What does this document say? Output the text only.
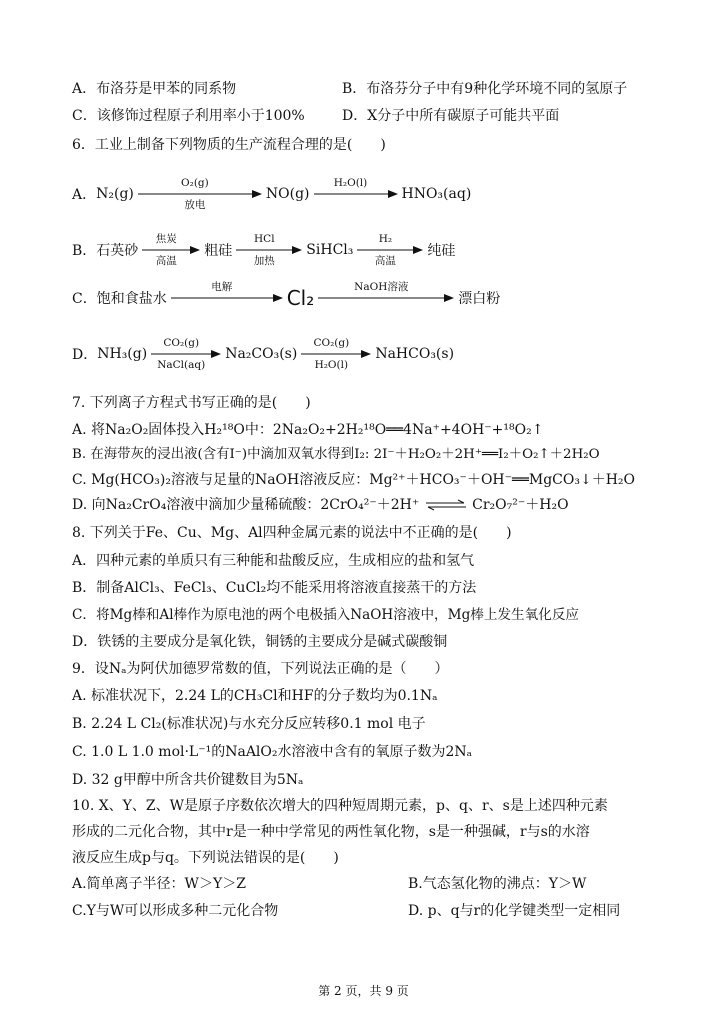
A．布洛芬是甲苯的同系物	B．布洛芬分子中有9种化学环境不同的氢原子
C．该修饰过程原子利用率小于100%	D．X分子中所有碳原子可能共平面
6．工业上制备下列物质的生产流程合理的是(　　)
A． N₂(g)
O₂(g)
放电
NO(g)
H₂O(l)
HNO₃(aq)
B． 石英砂
焦炭
高温
粗硅
HCl
加热
SiHCl₃
H₂
高温
纯硅
C． 饱和食盐水
电解	Cl₂	NaOH溶液
漂白粉
D． NH₃(g)
CO₂(g)
NaCl(aq)
Na₂CO₃(s)
CO₂(g)
H₂O(l)
NaHCO₃(s)
7. 下列离子方程式书写正确的是(　　)
A. 将Na₂O₂固体投入H₂¹⁸O中：2Na₂O₂+2H₂¹⁸O══4Na⁺+4OH⁻+¹⁸O₂↑
B. 在海带灰的浸出液(含有I⁻)中滴加双氧水得到I₂: 2I⁻＋H₂O₂＋2H⁺══I₂＋O₂↑＋2H₂O
C. Mg(HCO₃)₂溶液与足量的NaOH溶液反应：Mg²⁺＋HCO₃⁻＋OH⁻══MgCO₃↓＋H₂O
D. 向Na₂CrO₄溶液中滴加少量稀硫酸：2CrO₄²⁻＋2H⁺ ⇌ Cr₂O₇²⁻＋H₂O
8. 下列关于Fe、Cu、Mg、Al四种金属元素的说法中不正确的是(　　)
A．四种元素的单质只有三种能和盐酸反应，生成相应的盐和氢气
B．制备AlCl₃、FeCl₃、CuCl₂均不能采用将溶液直接蒸干的方法
C．将Mg棒和Al棒作为原电池的两个电极插入NaOH溶液中，Mg棒上发生氧化反应
D．铁锈的主要成分是氧化铁，铜锈的主要成分是碱式碳酸铜
9．设Nₐ为阿伏加德罗常数的值，下列说法正确的是（　　）
A. 标准状况下，2.24 L的CH₃Cl和HF的分子数均为0.1Nₐ
B. 2.24 L Cl₂(标准状况)与水充分反应转移0.1 mol 电子
C. 1.0 L 1.0 mol·L⁻¹的NaAlO₂水溶液中含有的氧原子数为2Nₐ
D. 32 g甲醇中所含共价键数目为5Nₐ
10. X、Y、Z、W是原子序数依次增大的四种短周期元素，p、q、r、s是上述四种元素
形成的二元化合物，其中r是一种中学常见的两性氧化物，s是一种强碱，r与s的水溶
液反应生成p与q。下列说法错误的是(　　)
A.简单离子半径：W＞Y＞Z	B.气态氢化物的沸点：Y＞W
C.Y与W可以形成多种二元化合物	D. p、q与r的化学键类型一定相同
第 2 页，共 9 页
